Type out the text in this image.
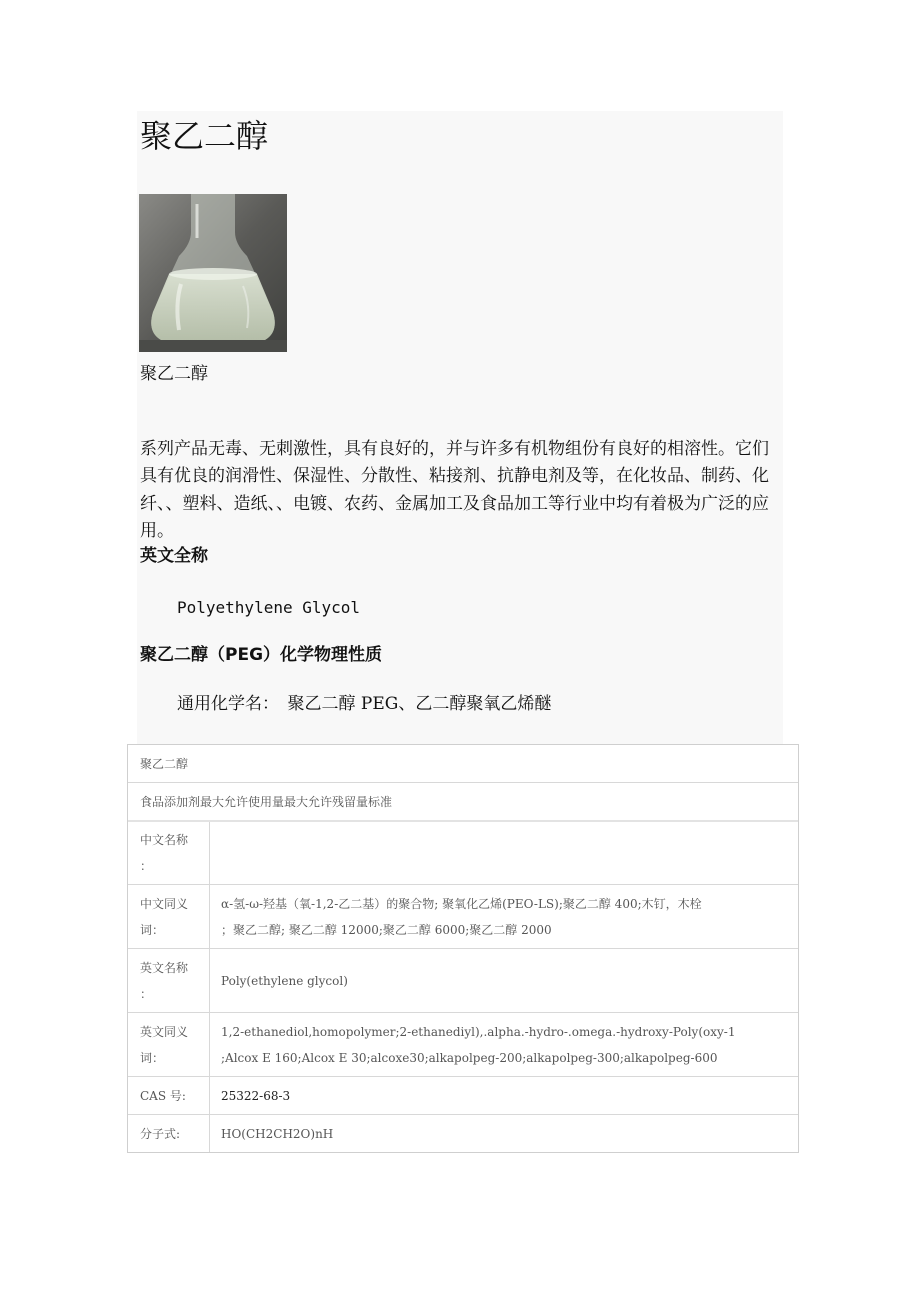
聚乙二醇
聚乙二醇

系列产品无毒、无刺激性，具有良好的，并与许多有机物组份有良好的相溶性。它们具有优良的润滑性、保湿性、分散性、粘接剂、抗静电剂及等，在化妆品、制药、化纤、、塑料、造纸、、电镀、农药、金属加工及食品加工等行业中均有着极为广泛的应用。

英文全称
Polyethylene Glycol
聚乙二醇（PEG）化学物理性质
通用化学名：　聚乙二醇 PEG、乙二醇聚氧乙烯醚
聚乙二醇
食品添加剂最大允许使用量最大允许残留量标准
中文名称
：
中文同义
词：
α-氢-ω-羟基（氧-1,2-乙二基）的聚合物; 聚氧化乙烯(PEO-LS);聚乙二醇 400;木钉，木栓
；聚乙二醇; 聚乙二醇 12000;聚乙二醇 6000;聚乙二醇 2000
英文名称
：
Poly(ethylene glycol)
英文同义
词：
1,2-ethanediol,homopolymer;2-ethanediyl),.alpha.-hydro-.omega.-hydroxy-Poly(oxy-1
;Alcox E 160;Alcox E 30;alcoxe30;alkapolpeg-200;alkapolpeg-300;alkapolpeg-600
CAS 号:	25322-68-3
分子式:	HO(CH2CH2O)nH
